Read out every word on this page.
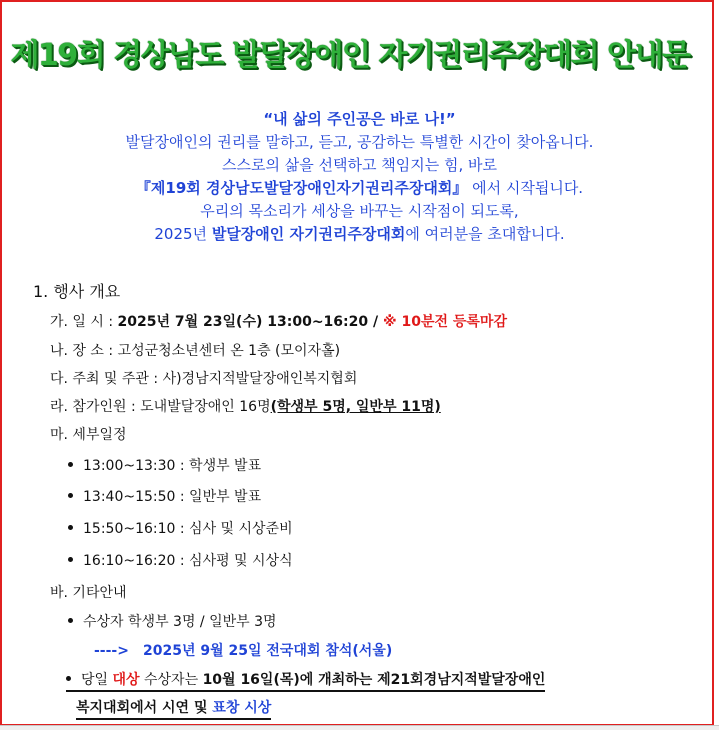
제19회 경상남도 발달장애인 자기권리주장대회 안내문
“내 삶의 주인공은 바로 나!”
발달장애인의 권리를 말하고, 듣고, 공감하는 특별한 시간이 찾아옵니다.
스스로의 삶을 선택하고 책임지는 힘, 바로
『제19회 경상남도발달장애인자기권리주장대회』 에서 시작됩니다.
우리의 목소리가 세상을 바꾸는 시작점이 되도록,
2025년 발달장애인 자기권리주장대회에 여러분을 초대합니다.
1. 행사 개요
가. 일 시 : 2025년 7월 23일(수) 13:00~16:20 / ※ 10분전 등록마감
나. 장 소 : 고성군청소년센터 온 1층 (모이자홀)
다. 주최 및 주관 : 사)경남지적발달장애인복지협회
라. 참가인원 : 도내발달장애인 16명(학생부 5명, 일반부 11명)
마. 세부일정
13:00~13:30 : 학생부 발표
13:40~15:50 : 일반부 발표
15:50~16:10 : 심사 및 시상준비
16:10~16:20 : 심사평 및 시상식
바. 기타안내
수상자 학생부 3명 / 일반부 3명
----> 2025년 9월 25일 전국대회 참석(서울)
당일 대상 수상자는 10월 16일(목)에 개최하는 제21회경남지적발달장애인
복지대회에서 시연 및 표창 시상
